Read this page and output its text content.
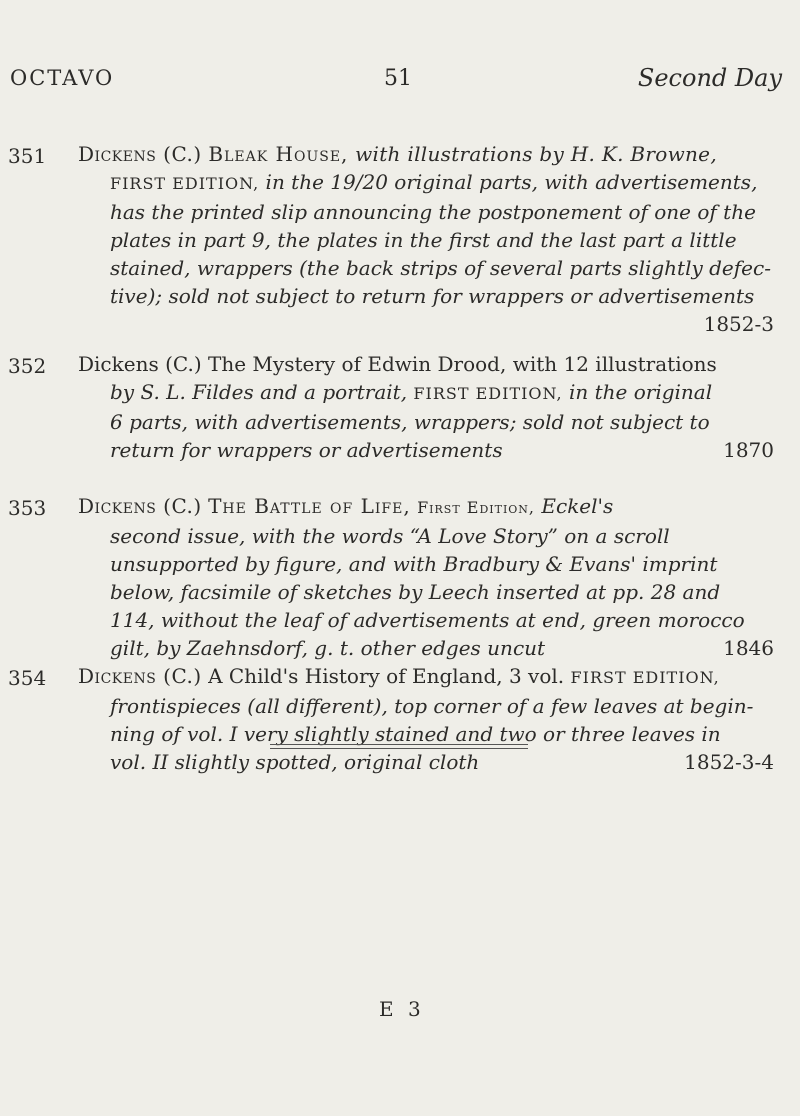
OCTAVO	51	Second Day
351 Dickens (C.) Bleak House, with illustrations by H. K. Browne,
FIRST EDITION, in the 19/20 original parts, with advertisements,
has the printed slip announcing the postponement of one of the
plates in part 9, the plates in the first and the last part a little
stained, wrappers (the back strips of several parts slightly defec-
tive); sold not subject to return for wrappers or advertisements
1852-3
352 Dickens (C.) The Mystery of Edwin Drood, with 12 illustrations
by S. L. Fildes and a portrait, FIRST EDITION, in the original
6 parts, with advertisements, wrappers; sold not subject to
return for wrappers or advertisements	1870
353 Dickens (C.) The Battle of Life, First Edition, Eckel's
second issue, with the words “A Love Story” on a scroll
unsupported by figure, and with Bradbury & Evans' imprint
below, facsimile of sketches by Leech inserted at pp. 28 and
114, without the leaf of advertisements at end, green morocco
gilt, by Zaehnsdorf, g. t. other edges uncut	1846
354 Dickens (C.) A Child's History of England, 3 vol. FIRST EDITION,
frontispieces (all different), top corner of a few leaves at begin-
ning of vol. I very slightly stained and two or three leaves in
vol. II slightly spotted, original cloth	1852-3-4
E 3
